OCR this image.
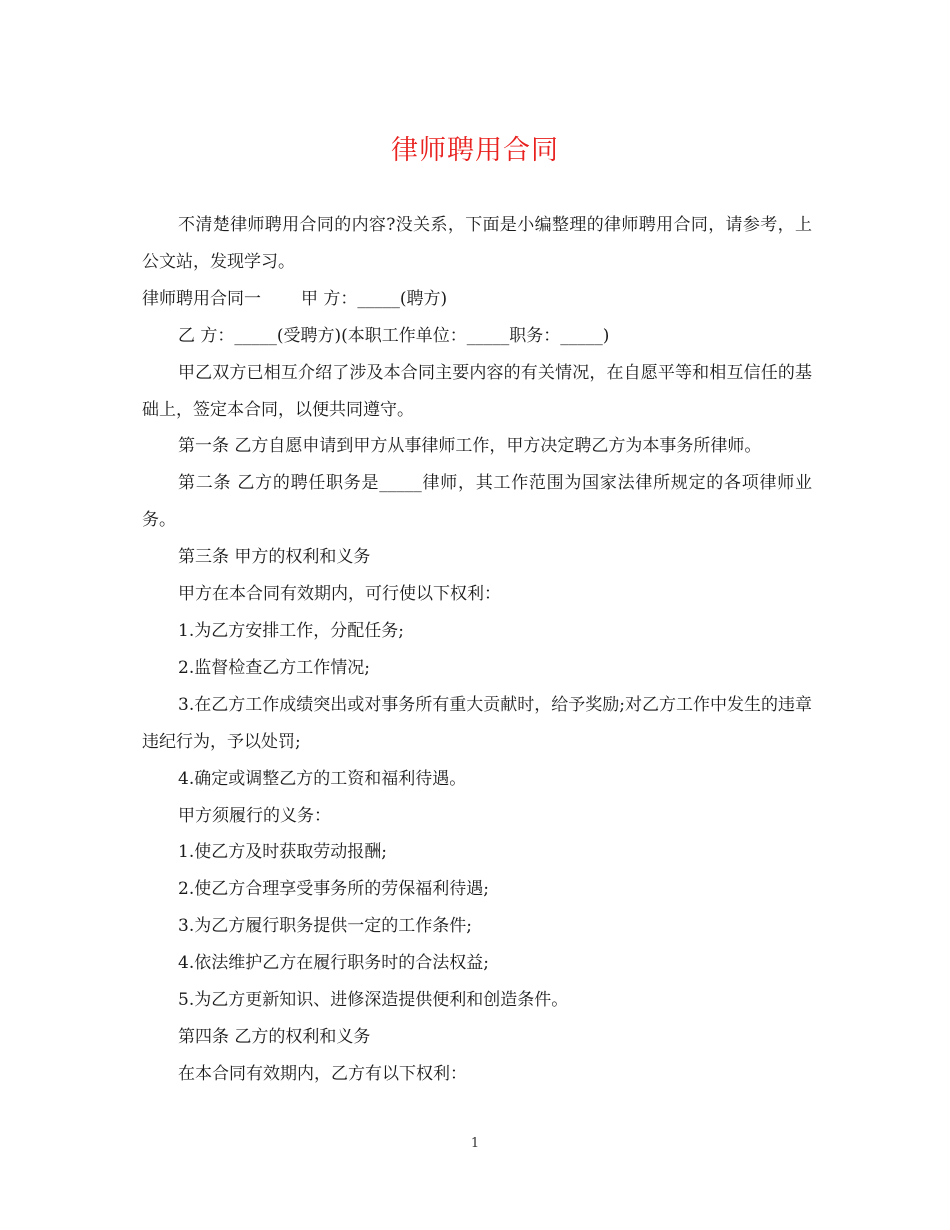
律师聘用合同

不清楚律师聘用合同的内容?没关系，下面是小编整理的律师聘用合同，请参考，上公文站，发现学习。

律师聘用合同一 甲 方：_____(聘方)

乙 方：_____(受聘方)(本职工作单位：_____职务：_____)

甲乙双方已相互介绍了涉及本合同主要内容的有关情况，在自愿平等和相互信任的基础上，签定本合同，以便共同遵守。

第一条 乙方自愿申请到甲方从事律师工作，甲方决定聘乙方为本事务所律师。

第二条 乙方的聘任职务是_____律师，其工作范围为国家法律所规定的各项律师业务。

第三条 甲方的权利和义务

甲方在本合同有效期内，可行使以下权利：

1.为乙方安排工作，分配任务;

2.监督检查乙方工作情况;

3.在乙方工作成绩突出或对事务所有重大贡献时，给予奖励;对乙方工作中发生的违章违纪行为，予以处罚;

4.确定或调整乙方的工资和福利待遇。

甲方须履行的义务：

1.使乙方及时获取劳动报酬;

2.使乙方合理享受事务所的劳保福利待遇;

3.为乙方履行职务提供一定的工作条件;

4.依法维护乙方在履行职务时的合法权益;

5.为乙方更新知识、进修深造提供便利和创造条件。

第四条 乙方的权利和义务

在本合同有效期内，乙方有以下权利：

1
